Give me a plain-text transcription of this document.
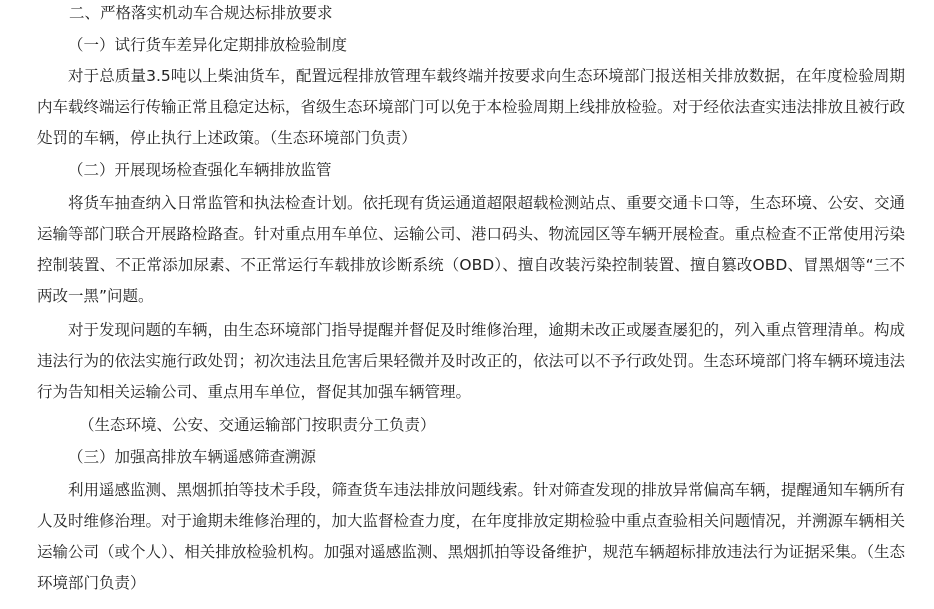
二、严格落实机动车合规达标排放要求

（一）试行货车差异化定期排放检验制度

对于总质量3.5吨以上柴油货车，配置远程排放管理车载终端并按要求向生态环境部门报送相关排放数据，在年度检验周期内车载终端运行传输正常且稳定达标，省级生态环境部门可以免于本检验周期上线排放检验。对于经依法查实违法排放且被行政处罚的车辆，停止执行上述政策。（生态环境部门负责）

（二）开展现场检查强化车辆排放监管

将货车抽查纳入日常监管和执法检查计划。依托现有货运通道超限超载检测站点、重要交通卡口等，生态环境、公安、交通运输等部门联合开展路检路查。针对重点用车单位、运输公司、港口码头、物流园区等车辆开展检查。重点检查不正常使用污染控制装置、不正常添加尿素、不正常运行车载排放诊断系统（OBD）、擅自改装污染控制装置、擅自篡改OBD、冒黑烟等“三不两改一黑”问题。

对于发现问题的车辆，由生态环境部门指导提醒并督促及时维修治理，逾期未改正或屡查屡犯的，列入重点管理清单。构成违法行为的依法实施行政处罚；初次违法且危害后果轻微并及时改正的，依法可以不予行政处罚。生态环境部门将车辆环境违法行为告知相关运输公司、重点用车单位，督促其加强车辆管理。

（生态环境、公安、交通运输部门按职责分工负责）

（三）加强高排放车辆遥感筛查溯源

利用遥感监测、黑烟抓拍等技术手段，筛查货车违法排放问题线索。针对筛查发现的排放异常偏高车辆，提醒通知车辆所有人及时维修治理。对于逾期未维修治理的，加大监督检查力度，在年度排放定期检验中重点查验相关问题情况，并溯源车辆相关运输公司（或个人）、相关排放检验机构。加强对遥感监测、黑烟抓拍等设备维护，规范车辆超标排放违法行为证据采集。（生态环境部门负责）
